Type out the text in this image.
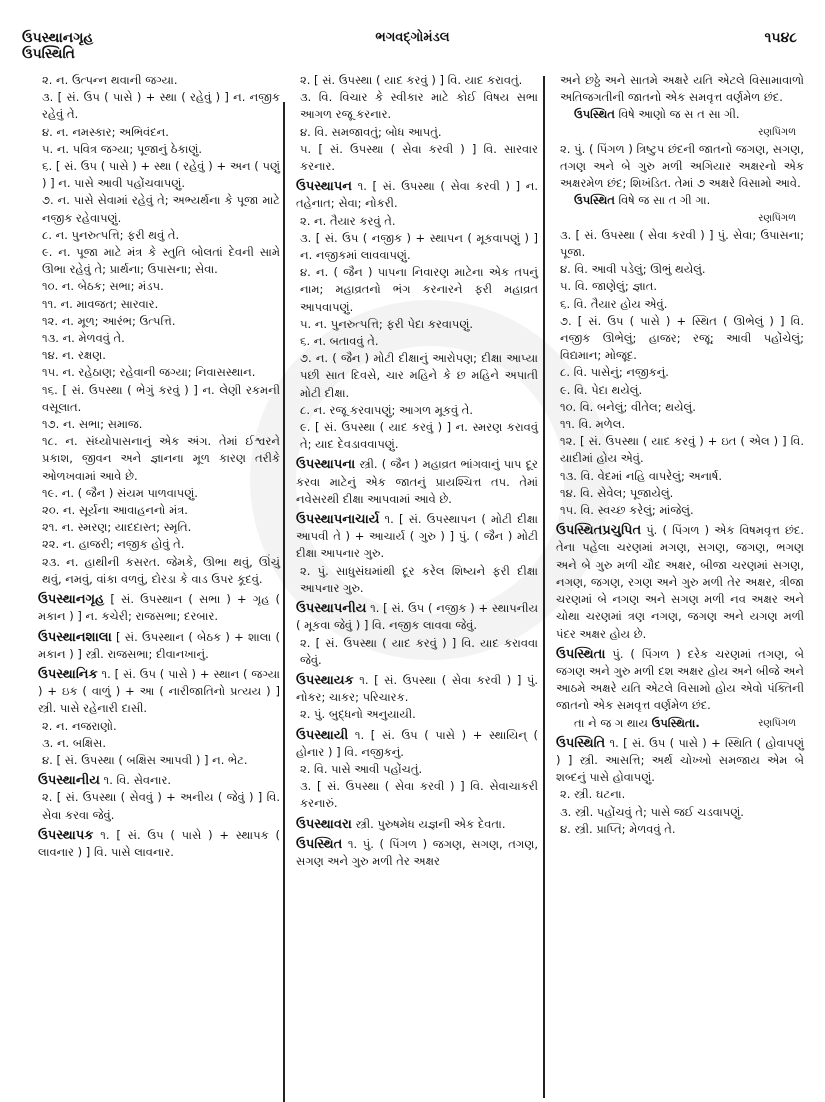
ઉપસ્થાનગૃહ
ઉપસ્થિતિ
ભગવદ્ગોમંડલ	૧૫૪૮
૨. ન. ઉત્પન્ન થવાની જગ્યા.
૩. [ સં. ઉપ ( પાસે ) + સ્થા ( રહેવું ) ] ન. નજીક રહેવું તે.
૪. ન. નમસ્કાર; અભિવંદન.
૫. ન. પવિત્ર જગ્યા; પૂજાનું ઠેકાણું.
૬. [ સં. ઉપ ( પાસે ) + સ્થા ( રહેવું ) + અન ( પણું ) ] ન. પાસે આવી પહોંચવાપણું.
૭. ન. પાસે સેવામાં રહેવું તે; અભ્યર્થના કે પૂજા માટે નજીક રહેવાપણું.
૮. ન. પુનરુત્પત્તિ; ફરી થવું તે.
૯. ન. પૂજા માટે મંત્ર કે સ્તુતિ બોલતાં દેવની સામે ઊભા રહેવું તે; પ્રાર્થના; ઉપાસના; સેવા.
૧૦. ન. બેઠક; સભા; મંડપ.
૧૧. ન. માવજત; સારવાર.
૧૨. ન. મૂળ; આરંભ; ઉત્પત્તિ.
૧૩. ન. મેળવવું તે.
૧૪. ન. રક્ષણ.
૧૫. ન. રહેઠાણ; રહેવાની જગ્યા; નિવાસસ્થાન.
૧૬. [ સં. ઉપસ્થા ( ભેગું કરવું ) ] ન. લેણી રકમની વસૂલાત.
૧૭. ન. સભા; સમાજ.
૧૮. ન. સંધ્યોપાસનાનું એક અંગ. તેમાં ઈશ્વરને પ્રકાશ, જીવન અને જ્ઞાનના મૂળ કારણ તરીકે ઓળખવામાં આવે છે.
૧૯. ન. ( જૈન ) સંયમ પાળવાપણું.
૨૦. ન. સૂર્યના આવાહનનો મંત્ર.
૨૧. ન. સ્મરણ; યાદદાસ્ત; સ્મૃતિ.
૨૨. ન. હાજરી; નજીક હોવું તે.
૨૩. ન. હાથીની કસરત. જેમકે, ઊભા થવું, ઊંચું થવું, નમવું, વાંકા વળવું, દોરડા કે વાડ ઉપર કૂદવું.
ઉપસ્થાનગૃહ [ સં. ઉપસ્થાન ( સભા ) + ગૃહ ( મકાન ) ] ન. કચેરી; રાજસભા; દરબાર.
ઉપસ્થાનશાલા [ સં. ઉપસ્થાન ( બેઠક ) + શાલા ( મકાન ) ] સ્ત્રી. રાજસભા; દીવાનખાનું.
ઉપસ્થાનિક ૧. [ સં. ઉપ ( પાસે ) + સ્થાન ( જગ્યા ) + ઇક ( વાળું ) + આ ( નારીજાતિનો પ્રત્યય ) ] સ્ત્રી. પાસે રહેનારી દાસી.
૨. ન. નજરાણો.
૩. ન. બક્ષિસ.
૪. [ સં. ઉપસ્થા ( બક્ષિસ આપવી ) ] ન. ભેટ.
ઉપસ્થાનીય ૧. વિ. સેવનાર.
૨. [ સં. ઉપસ્થા ( સેવવું ) + અનીય ( જેવું ) ] વિ. સેવા કરવા જેવું.
ઉપસ્થાપક ૧. [ સં. ઉપ ( પાસે ) + સ્થાપક ( લાવનાર ) ] વિ. પાસે લાવનાર.
૨. [ સં. ઉપસ્થા ( યાદ કરવું ) ] વિ. યાદ કરાવતું.
૩. વિ. વિચાર કે સ્વીકાર માટે કોઈ વિષય સભા આગળ રજૂ કરનાર.
૪. વિ. સમજાવતું; બોધ આપતું.
૫. [ સં. ઉપસ્થા ( સેવા કરવી ) ] વિ. સારવાર કરનાર.
ઉપસ્થાપન ૧. [ સં. ઉપસ્થા ( સેવા કરવી ) ] ન. તહેનાત; સેવા; નોકરી.
૨. ન. તૈયાર કરવું તે.
૩. [ સં. ઉપ ( નજીક ) + સ્થાપન ( મૂકવાપણું ) ] ન. નજીકમાં લાવવાપણું.
૪. ન. ( જૈન ) પાપના નિવારણ માટેના એક તપનું નામ; મહાવ્રતનો ભંગ કરનારને ફરી મહાવ્રત આપવાપણું.
૫. ન. પુનરુત્પત્તિ; ફરી પેદા કરવાપણું.
૬. ન. બતાવવું તે.
૭. ન. ( જૈન ) મોટી દીક્ષાનું આરોપણ; દીક્ષા આપ્યા પછી સાત દિવસે, ચાર મહિને કે છ મહિને અપાતી મોટી દીક્ષા.
૮. ન. રજૂ કરવાપણું; આગળ મૂકવું તે.
૯. [ સં. ઉપસ્થા ( યાદ કરવું ) ] ન. સ્મરણ કરાવવું તે; યાદ દેવડાવવાપણું.
ઉપસ્થાપના સ્ત્રી. ( જૈન ) મહાવ્રત ભાંગવાનું પાપ દૂર કરવા માટેનું એક જાતનું પ્રાયશ્ચિત્ત તપ. તેમાં નવેસરથી દીક્ષા આપવામાં આવે છે.
ઉપસ્થાપનાચાર્ય ૧. [ સં. ઉપસ્થાપન ( મોટી દીક્ષા આપવી તે ) + આચાર્ય ( ગુરુ ) ] પું. ( જૈન ) મોટી દીક્ષા આપનાર ગુરુ.
૨. પું. સાધુસંઘમાંથી દૂર કરેલ શિષ્યને ફરી દીક્ષા આપનાર ગુરુ.
ઉપસ્થાપનીય ૧. [ સં. ઉપ ( નજીક ) + સ્થાપનીય ( મૂકવા જેવું ) ] વિ. નજીક લાવવા જેવું.
૨. [ સં. ઉપસ્થા ( યાદ કરવું ) ] વિ. યાદ કરાવવા જેવું.
ઉપસ્થાયક ૧. [ સં. ઉપસ્થા ( સેવા કરવી ) ] પું. નોકર; ચાકર; પરિચારક.
૨. પું. બુદ્ધનો અનુયાયી.
ઉપસ્થાયી ૧. [ સં. ઉપ ( પાસે ) + સ્થાયિન્ ( હોનાર ) ] વિ. નજીકનું.
૨. વિ. પાસે આવી પહોંચતું.
૩. [ સં. ઉપસ્થા ( સેવા કરવી ) ] વિ. સેવાચાકરી કરનારું.
ઉપસ્થાવરા સ્ત્રી. પુરુષમેધ યજ્ઞની એક દેવતા.
ઉપસ્થિત ૧. પું. ( પિંગળ ) જગણ, સગણ, તગણ, સગણ અને ગુરુ મળી તેર અક્ષર
અને છઠ્ઠે અને સાતમે અક્ષરે યતિ એટલે વિસામાવાળો અતિજગતીની જાતનો એક સમવૃત્ત વર્ણમેળ છંદ.
ઉપસ્થિત વિષે આણો જ સ ત સા ગી.
રણપિંગળ
૨. પું. ( પિંગળ ) ત્રિષ્ટુપ છંદની જાતનો જગણ, સગણ, તગણ અને બે ગુરુ મળી અગિયાર અક્ષરનો એક અક્ષરમેળ છંદ; શિખંડિત. તેમાં ૭ અક્ષરે વિસામો આવે.
ઉપસ્થિત વિષે જ સા ત ગી ગા.
રણપિંગળ
૩. [ સં. ઉપસ્થા ( સેવા કરવી ) ] પું. સેવા; ઉપાસના; પૂજા.
૪. વિ. આવી પડેલું; ઊભું થયેલું.
૫. વિ. જાણેલું; જ્ઞાત.
૬. વિ. તૈયાર હોય એવું.
૭. [ સં. ઉપ ( પાસે ) + સ્થિત ( ઊભેલું ) ] વિ. નજીક ઊભેલું; હાજર; રજૂ; આવી પહોંચેલું; વિદ્યમાન; મોજૂદ.
૮. વિ. પાસેનું; નજીકનું.
૯. વિ. પેદા થયેલું.
૧૦. વિ. બનેલું; વીતેલ; થયેલું.
૧૧. વિ. મળેલ.
૧૨. [ સં. ઉપસ્થા ( યાદ કરવું ) + ઇત ( એલ ) ] વિ. યાદીમાં હોય એવું.
૧૩. વિ. વેદમાં નહિ વાપરેલું; અનાર્ષ.
૧૪. વિ. સેવેલ; પૂજાયેલું.
૧૫. વિ. સ્વચ્છ કરેલું; માંજેલું.
ઉપસ્થિતપ્રચુપિત પું. ( પિંગળ ) એક વિષમવૃત્ત છંદ. તેના પહેલા ચરણમાં મગણ, સગણ, જગણ, ભગણ અને બે ગુરુ મળી ચૌદ અક્ષર, બીજા ચરણમાં સગણ, નગણ, જગણ, રગણ અને ગુરુ મળી તેર અક્ષર, ત્રીજા ચરણમાં બે નગણ અને સગણ મળી નવ અક્ષર અને ચોથા ચરણમાં ત્રણ નગણ, જગણ અને યગણ મળી પંદર અક્ષર હોય છે.
ઉપસ્થિતા પું. ( પિંગળ ) દરેક ચરણમાં તગણ, બે જગણ અને ગુરુ મળી દશ અક્ષર હોય અને બીજે અને આઠમે અક્ષરે યતિ એટલે વિસામો હોય એવો પંક્તિની જાતનો એક સમવૃત્ત વર્ણમેળ છંદ.
તા ને જ ગ થાય ઉપસ્થિતા.	રણપિંગળ
ઉપસ્થિતિ ૧. [ સં. ઉપ ( પાસે ) + સ્થિતિ ( હોવાપણું ) ] સ્ત્રી. આસત્તિ; અર્થ ચોખ્ખો સમજાય એમ બે શબ્દનું પાસે હોવાપણું.
૨. સ્ત્રી. ઘટના.
૩. સ્ત્રી. પહોંચવું તે; પાસે જઈ ચડવાપણું.
૪. સ્ત્રી. પ્રાપ્તિ; મેળવવું તે.
